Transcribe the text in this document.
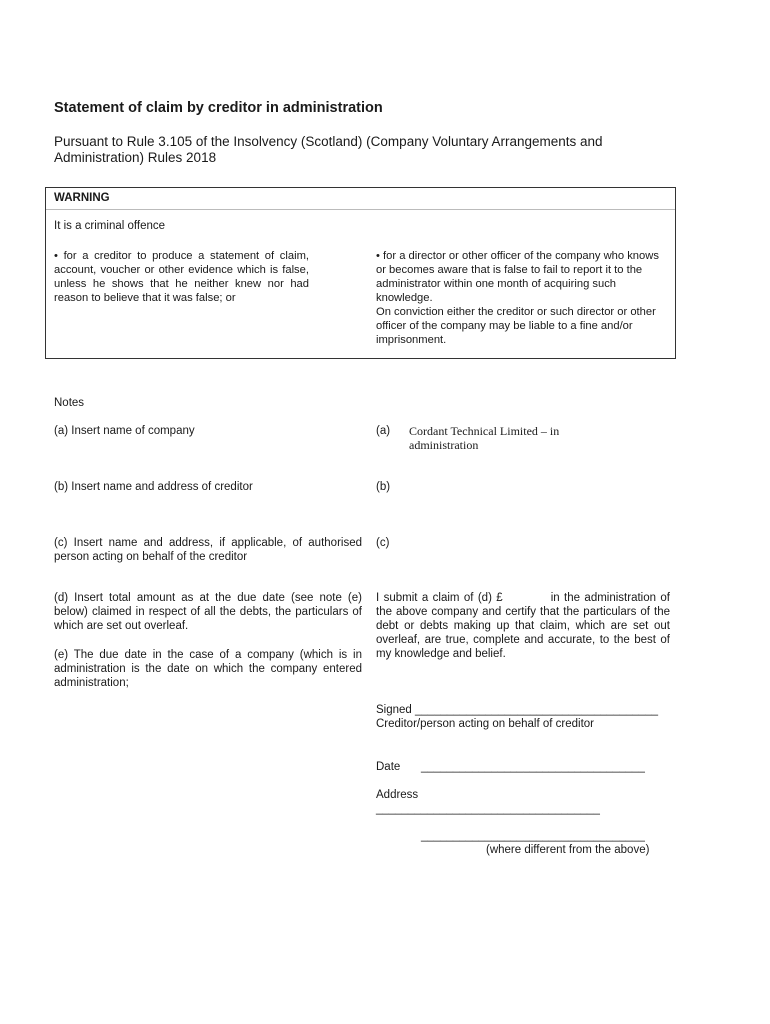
Statement of claim by creditor in administration
Pursuant to Rule 3.105 of the Insolvency (Scotland) (Company Voluntary Arrangements and Administration) Rules 2018
WARNING
It is a criminal offence
• for a creditor to produce a statement of claim, account, voucher or other evidence which is false, unless he shows that he neither knew nor had reason to believe that it was false; or
• for a director or other officer of the company who knows or becomes aware that is false to fail to report it to the administrator within one month of acquiring such knowledge.
On conviction either the creditor or such director or other officer of the company may be liable to a fine and/or imprisonment.
Notes
(a) Insert name of company
(b) Insert name and address of creditor
(c) Insert name and address, if applicable, of authorised person acting on behalf of the creditor
(d) Insert total amount as at the due date (see note (e) below) claimed in respect of all the debts, the particulars of which are set out overleaf.
(e) The due date in the case of a company (which is in administration is the date on which the company entered administration;
(a) Cordant Technical Limited – in administration
(b)
(c)
I submit a claim of (d) £	in the administration of the above company and certify that the particulars of the debt or debts making up that claim, which are set out overleaf, are true, complete and accurate, to the best of my knowledge and belief.
Signed ______________________________________
Creditor/person acting on behalf of creditor
Date ___________________________________
Address
___________________________________
___________________________________
(where different from the above)
